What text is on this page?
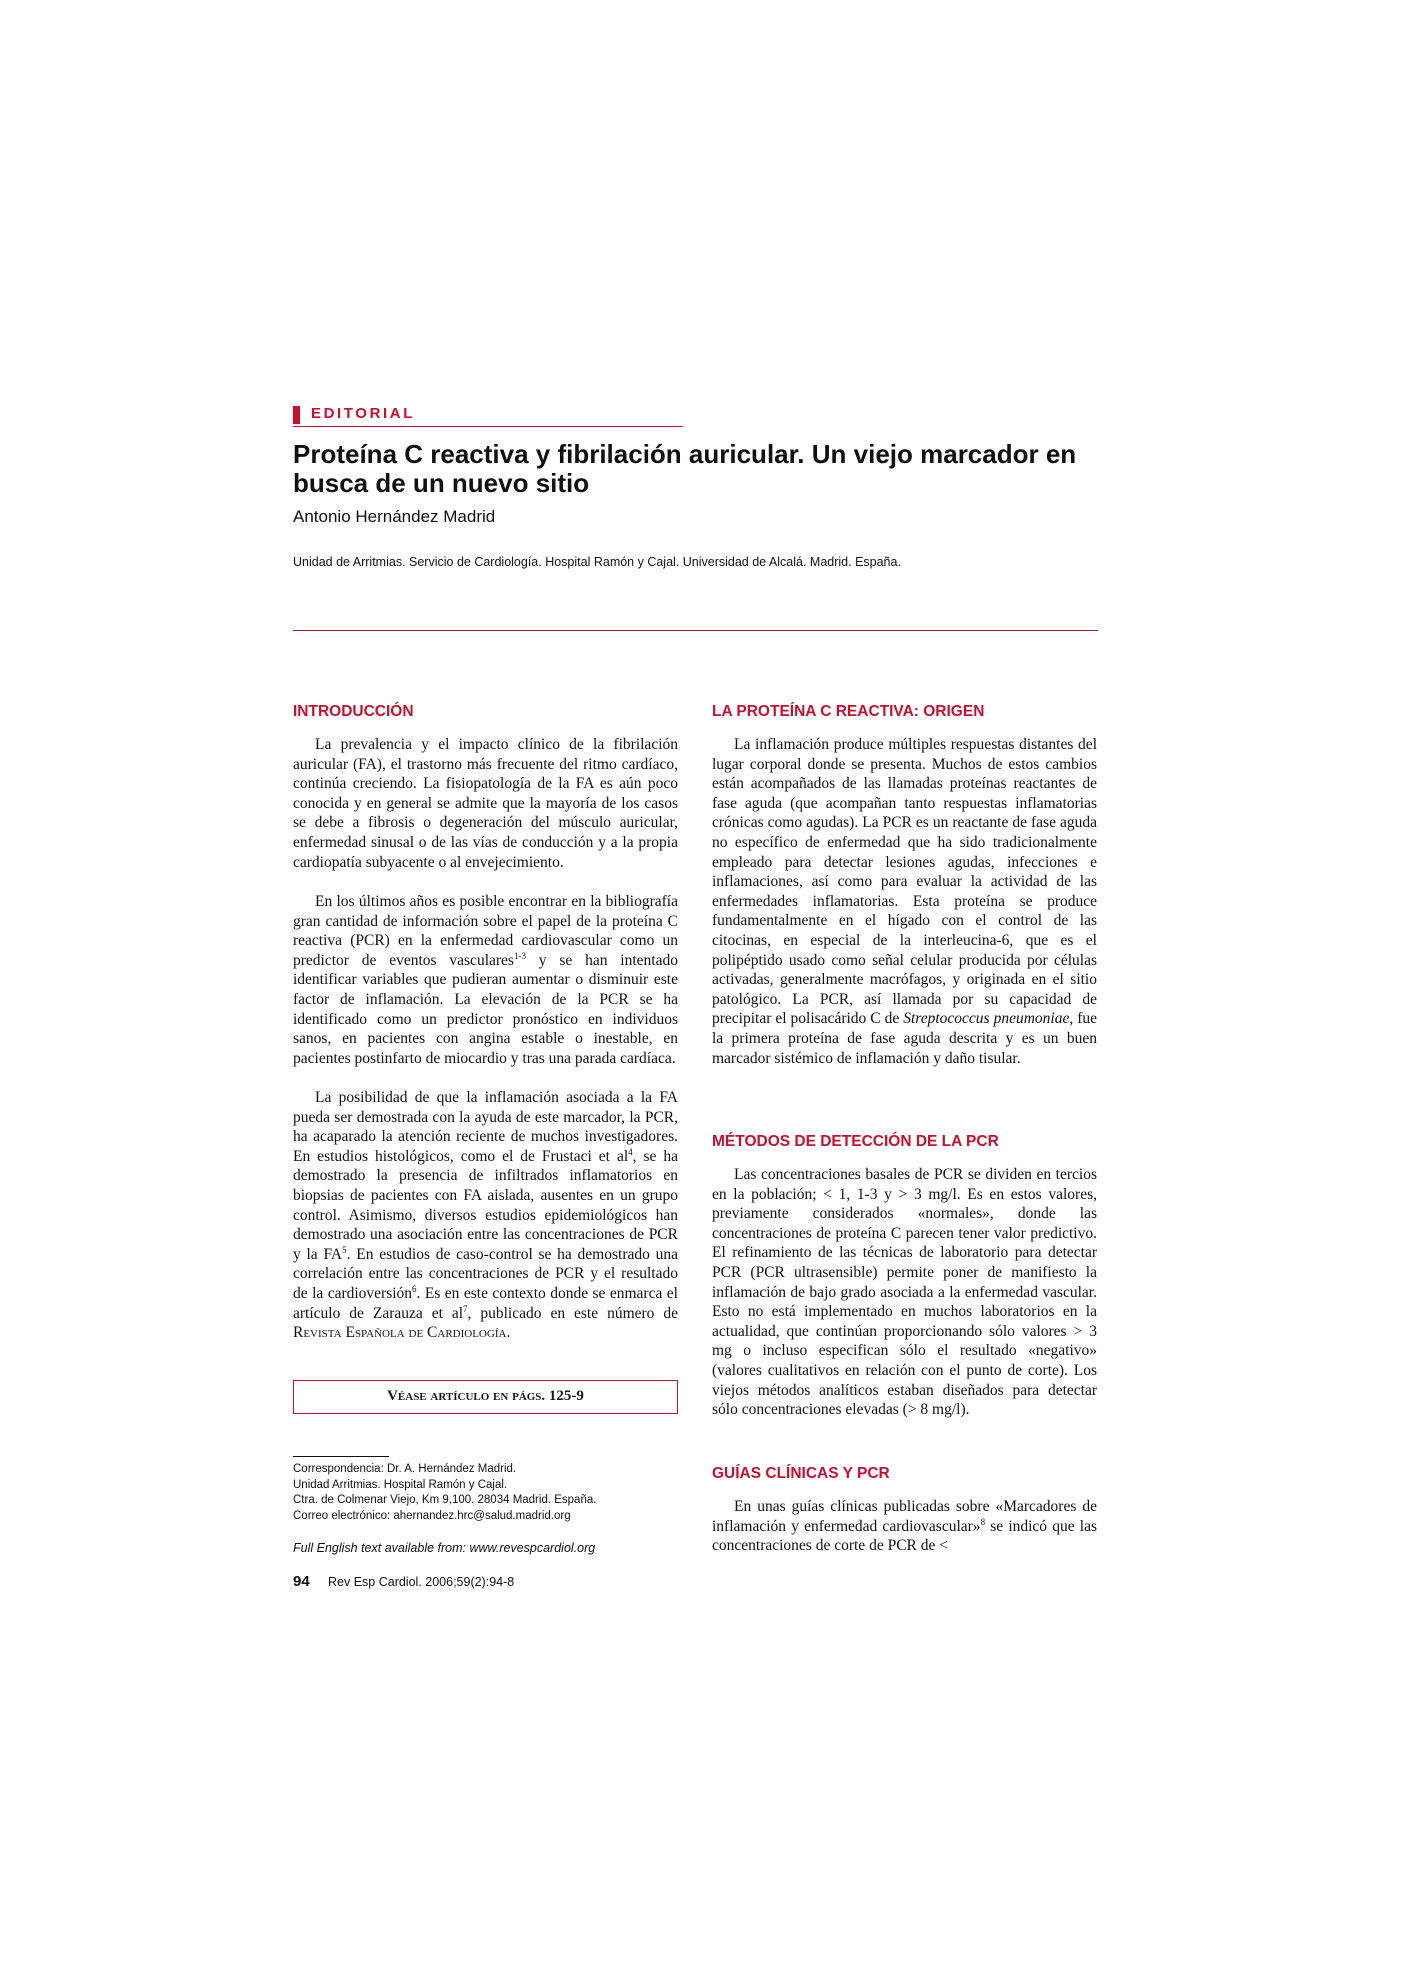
EDITORIAL
Proteína C reactiva y fibrilación auricular. Un viejo marcador en busca de un nuevo sitio
Antonio Hernández Madrid
Unidad de Arritmias. Servicio de Cardiología. Hospital Ramón y Cajal. Universidad de Alcalá. Madrid. España.
INTRODUCCIÓN

La prevalencia y el impacto clínico de la fibrilación auricular (FA), el trastorno más frecuente del ritmo cardíaco, continúa creciendo. La fisiopatología de la FA es aún poco conocida y en general se admite que la mayoría de los casos se debe a fibrosis o degeneración del músculo auricular, enfermedad sinusal o de las vías de conducción y a la propia cardiopatía subyacente o al envejecimiento.

En los últimos años es posible encontrar en la bibliografía gran cantidad de información sobre el papel de la proteína C reactiva (PCR) en la enfermedad cardiovascular como un predictor de eventos vasculares$^{1-3}$ y se han intentado identificar variables que pudieran aumentar o disminuir este factor de inflamación. La elevación de la PCR se ha identificado como un predictor pronóstico en individuos sanos, en pacientes con angina estable o inestable, en pacientes postinfarto de miocardio y tras una parada cardíaca.

La posibilidad de que la inflamación asociada a la FA pueda ser demostrada con la ayuda de este marcador, la PCR, ha acaparado la atención reciente de muchos investigadores. En estudios histológicos, como el de Frustaci et $al^4$, se ha demostrado la presencia de infiltrados inflamatorios en biopsias de pacientes con FA aislada, ausentes en un grupo control. Asimismo, diversos estudios epidemiológicos han demostrado una asociación entre las concentraciones de PCR y la $FA^5$. En estudios de caso-control se ha demostrado una correlación entre las concentraciones de PCR y el resultado de la cardioversión$^6$. Es en este contexto donde se enmarca el artículo de Zarauza et $al^7$, publicado en este número de Revista Española de Cardiología.

Véase artículo en págs. 125-9
Correspondencia: Dr. A. Hernández Madrid.
Unidad Arritmias. Hospital Ramón y Cajal.
Ctra. de Colmenar Viejo, Km 9,100. 28034 Madrid. España.
Correo electrónico: ahernandez.hrc@salud.madrid.org
Full English text available from: www.revespcardiol.org
94 Rev Esp Cardiol. 2006;59(2):94-8
LA PROTEÍNA C REACTIVA: ORIGEN

La inflamación produce múltiples respuestas distantes del lugar corporal donde se presenta. Muchos de estos cambios están acompañados de las llamadas proteínas reactantes de fase aguda (que acompañan tanto respuestas inflamatorias crónicas como agudas). La PCR es un reactante de fase aguda no específico de enfermedad que ha sido tradicionalmente empleado para detectar lesiones agudas, infecciones e inflamaciones, así como para evaluar la actividad de las enfermedades inflamatorias. Esta proteína se produce fundamentalmente en el hígado con el control de las citocinas, en especial de la interleucina-6, que es el polipéptido usado como señal celular producida por células activadas, generalmente macrófagos, y originada en el sitio patológico. La PCR, así llamada por su capacidad de precipitar el polisacárido C de Streptococcus pneumoniae, fue la primera proteína de fase aguda descrita y es un buen marcador sistémico de inflamación y daño tisular.

MÉTODOS DE DETECCIÓN DE LA PCR

Las concentraciones basales de PCR se dividen en tercios en la población; < 1, 1-3 y > 3 mg/l. Es en estos valores, previamente considerados «normales», donde las concentraciones de proteína C parecen tener valor predictivo. El refinamiento de las técnicas de laboratorio para detectar PCR (PCR ultrasensible) permite poner de manifiesto la inflamación de bajo grado asociada a la enfermedad vascular. Esto no está implementado en muchos laboratorios en la actualidad, que continúan proporcionando sólo valores > 3 mg o incluso especifican sólo el resultado «negativo» (valores cualitativos en relación con el punto de corte). Los viejos métodos analíticos estaban diseñados para detectar sólo concentraciones elevadas (> 8 mg/l).

GUÍAS CLÍNICAS Y PCR

En unas guías clínicas publicadas sobre «Marcadores de inflamación y enfermedad cardiovascular»$^8$ se indicó que las concentraciones de corte de PCR de <
